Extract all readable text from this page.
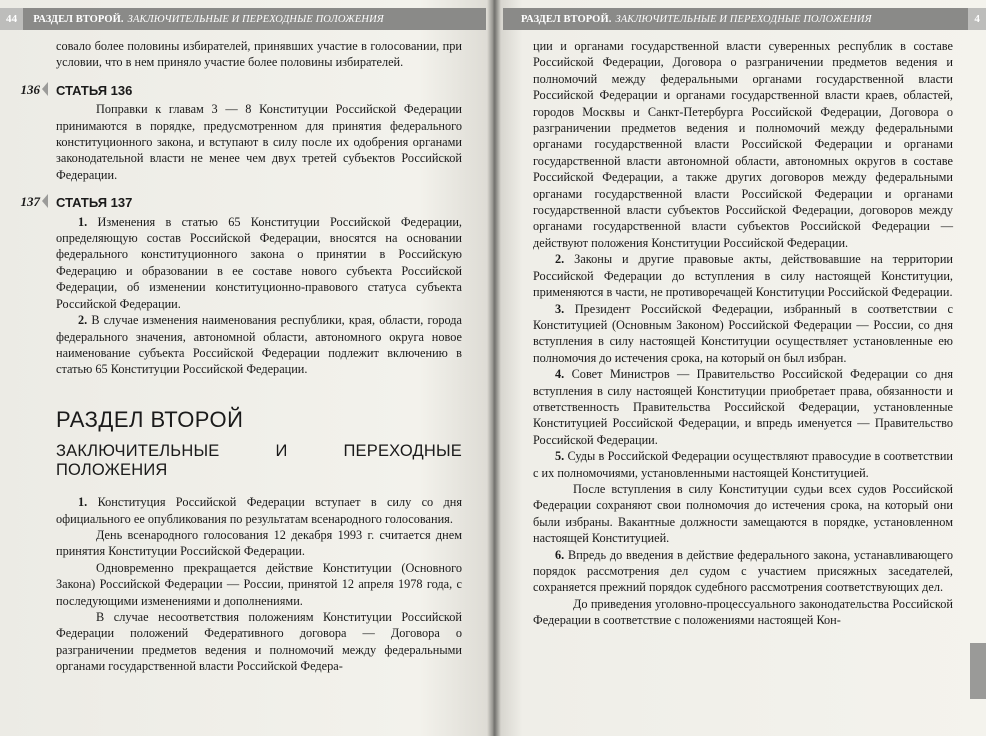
44	РАЗДЕЛ ВТОРОЙ. ЗАКЛЮЧИТЕЛЬНЫЕ И ПЕРЕХОДНЫЕ ПОЛОЖЕНИЯ

совало более половины избирателей, принявших участие в голосовании, при условии, что в нем приняло участие более половины избирателей.

136	СТАТЬЯ 136

Поправки к главам 3 — 8 Конституции Российской Федерации принимаются в порядке, предусмотренном для принятия федерального конституционного закона, и вступают в силу после их одобрения органами законодательной власти не менее чем двух третей субъектов Российской Федерации.

137	СТАТЬЯ 137

1. Изменения в статью 65 Конституции Российской Федерации, определяющую состав Российской Федерации, вносятся на основании федерального конституционного закона о принятии в Российскую Федерацию и образовании в ее составе нового субъекта Российской Федерации, об изменении конституционно-правового статуса субъекта Российской Федерации.

2. В случае изменения наименования республики, края, области, города федерального значения, автономной области, автономного округа новое наименование субъекта Российской Федерации подлежит включению в статью 65 Конституции Российской Федерации.

РАЗДЕЛ ВТОРОЙ
ЗАКЛЮЧИТЕЛЬНЫЕ И ПЕРЕХОДНЫЕ ПОЛОЖЕНИЯ

1. Конституция Российской Федерации вступает в силу со дня официального ее опубликования по результатам всенародного голосования.

День всенародного голосования 12 декабря 1993 г. считается днем принятия Конституции Российской Федерации.

Одновременно прекращается действие Конституции (Основного Закона) Российской Федерации — России, принятой 12 апреля 1978 года, с последующими изменениями и дополнениями.

В случае несоответствия положениям Конституции Российской Федерации положений Федеративного договора — Договора о разграничении предметов ведения и полномочий между федеральными органами государственной власти Российской Федера-

РАЗДЕЛ ВТОРОЙ. ЗАКЛЮЧИТЕЛЬНЫЕ И ПЕРЕХОДНЫЕ ПОЛОЖЕНИЯ	4

ции и органами государственной власти суверенных республик в составе Российской Федерации, Договора о разграничении предметов ведения и полномочий между федеральными органами государственной власти Российской Федерации и органами государственной власти краев, областей, городов Москвы и Санкт-Петербурга Российской Федерации, Договора о разграничении предметов ведения и полномочий между федеральными органами государственной власти Российской Федерации и органами государственной власти автономной области, автономных округов в составе Российской Федерации, а также других договоров между федеральными органами государственной власти Российской Федерации и органами государственной власти субъектов Российской Федерации, договоров между органами государственной власти субъектов Российской Федерации — действуют положения Конституции Российской Федерации.

2. Законы и другие правовые акты, действовавшие на территории Российской Федерации до вступления в силу настоящей Конституции, применяются в части, не противоречащей Конституции Российской Федерации.

3. Президент Российской Федерации, избранный в соответствии с Конституцией (Основным Законом) Российской Федерации — России, со дня вступления в силу настоящей Конституции осуществляет установленные ею полномочия до истечения срока, на который он был избран.

4. Совет Министров — Правительство Российской Федерации со дня вступления в силу настоящей Конституции приобретает права, обязанности и ответственность Правительства Российской Федерации, установленные Конституцией Российской Федерации, и впредь именуется — Правительство Российской Федерации.

5. Суды в Российской Федерации осуществляют правосудие в соответствии с их полномочиями, установленными настоящей Конституцией.

После вступления в силу Конституции судьи всех судов Российской Федерации сохраняют свои полномочия до истечения срока, на который они были избраны. Вакантные должности замещаются в порядке, установленном настоящей Конституцией.

6. Впредь до введения в действие федерального закона, устанавливающего порядок рассмотрения дел судом с участием присяжных заседателей, сохраняется прежний порядок судебного рассмотрения соответствующих дел.

До приведения уголовно-процессуального законодательства Российской Федерации в соответствие с положениями настоящей Кон-
